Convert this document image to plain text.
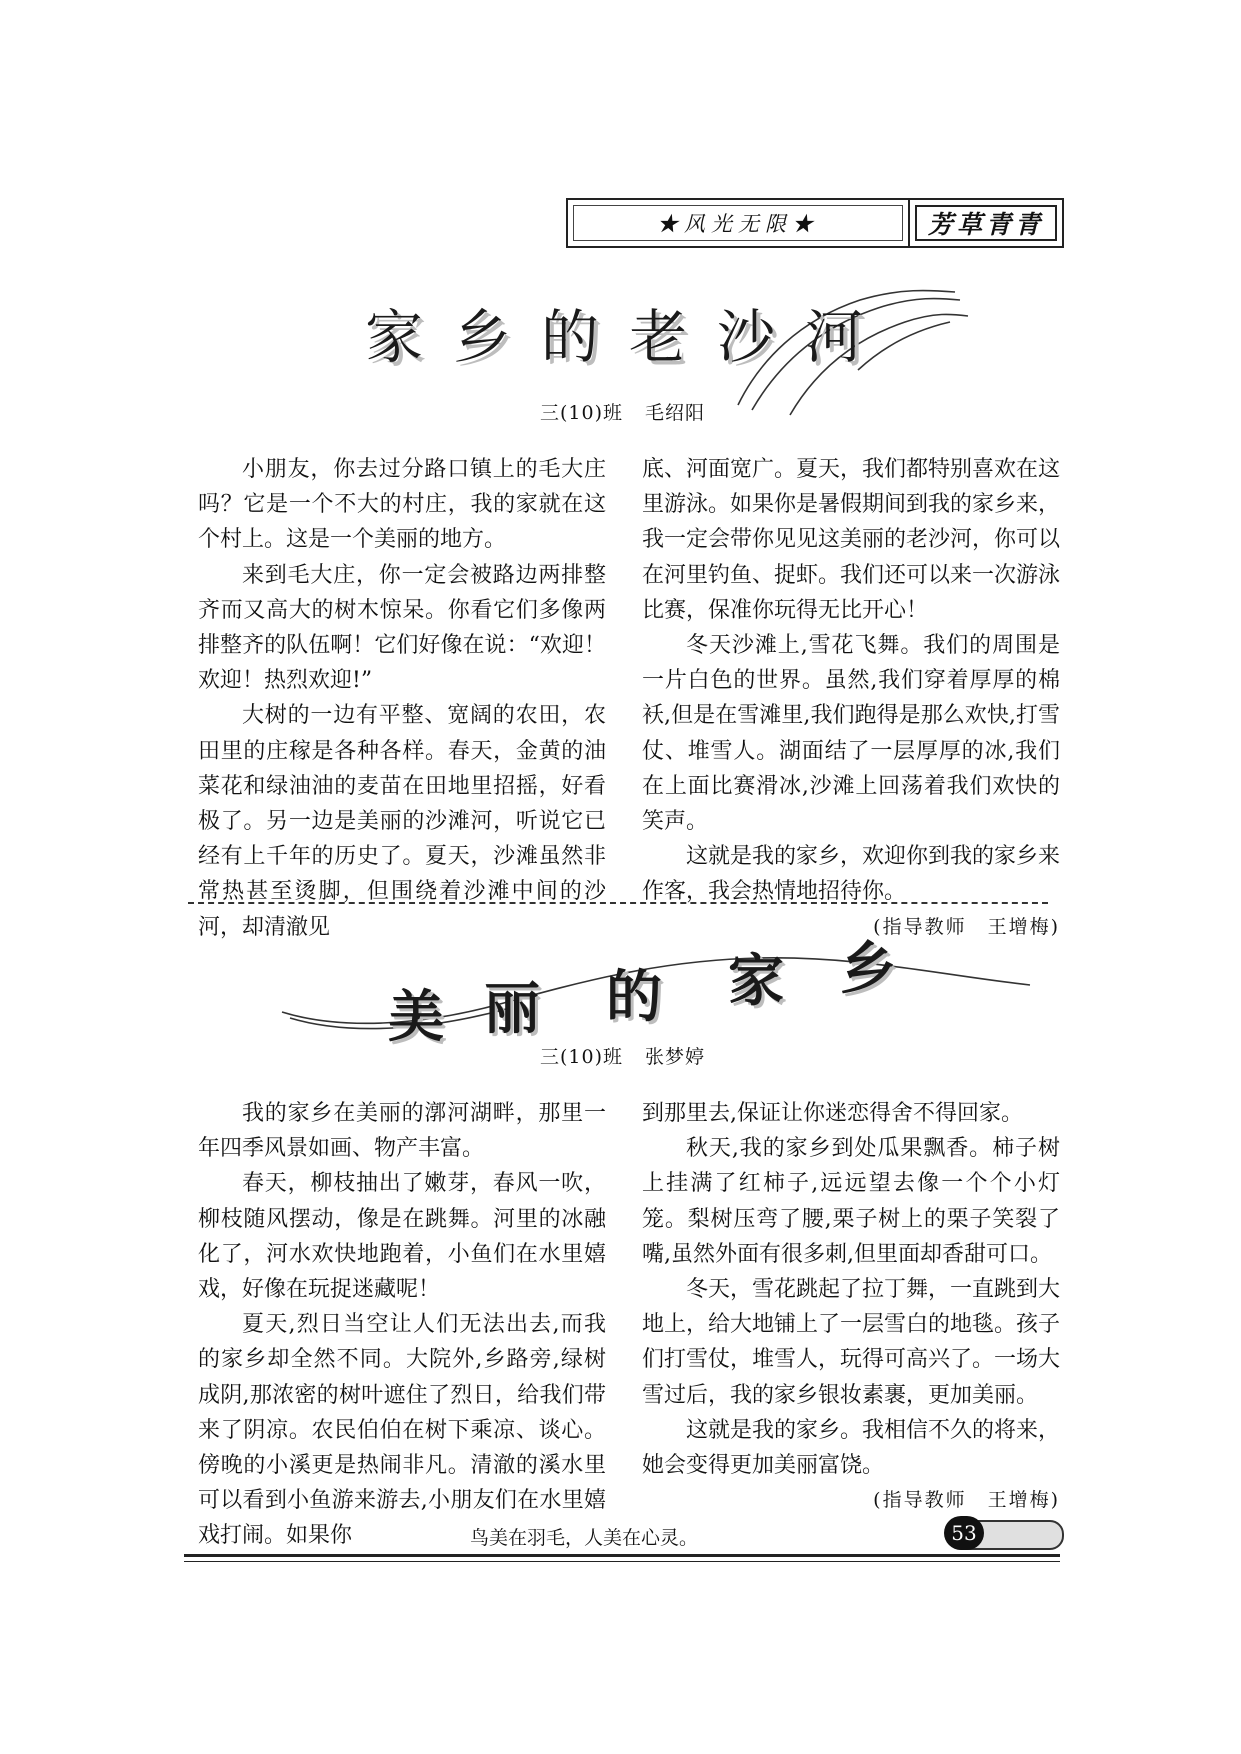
★风光无限★	芳草青青
家乡的老沙河
三(10)班 毛绍阳

小朋友，你去过分路口镇上的毛大庄吗？它是一个不大的村庄，我的家就在这个村上。这是一个美丽的地方。

来到毛大庄，你一定会被路边两排整齐而又高大的树木惊呆。你看它们多像两排整齐的队伍啊！它们好像在说：“欢迎！欢迎！热烈欢迎!”

大树的一边有平整、宽阔的农田，农田里的庄稼是各种各样。春天，金黄的油菜花和绿油油的麦苗在田地里招摇，好看极了。另一边是美丽的沙滩河，听说它已经有上千年的历史了。夏天，沙滩虽然非常热甚至烫脚，但围绕着沙滩中间的沙河，却清澈见

底、河面宽广。夏天，我们都特别喜欢在这里游泳。如果你是暑假期间到我的家乡来，我一定会带你见见这美丽的老沙河，你可以在河里钓鱼、捉虾。我们还可以来一次游泳比赛，保准你玩得无比开心！

冬天沙滩上,雪花飞舞。我们的周围是一片白色的世界。虽然,我们穿着厚厚的棉袄,但是在雪滩里,我们跑得是那么欢快,打雪仗、堆雪人。湖面结了一层厚厚的冰,我们在上面比赛滑冰,沙滩上回荡着我们欢快的笑声。

这就是我的家乡，欢迎你到我的家乡来作客，我会热情地招待你。

(指导教师　王增梅)
美 丽 的 家 乡
三(10)班 张梦婷

我的家乡在美丽的漷河湖畔，那里一年四季风景如画、物产丰富。

春天，柳枝抽出了嫩芽，春风一吹，柳枝随风摆动，像是在跳舞。河里的冰融化了，河水欢快地跑着，小鱼们在水里嬉戏，好像在玩捉迷藏呢！

夏天,烈日当空让人们无法出去,而我的家乡却全然不同。大院外,乡路旁,绿树成阴,那浓密的树叶遮住了烈日，给我们带来了阴凉。农民伯伯在树下乘凉、谈心。傍晚的小溪更是热闹非凡。清澈的溪水里可以看到小鱼游来游去,小朋友们在水里嬉戏打闹。如果你

到那里去,保证让你迷恋得舍不得回家。

秋天,我的家乡到处瓜果飘香。柿子树上挂满了红柿子,远远望去像一个个小灯笼。梨树压弯了腰,栗子树上的栗子笑裂了嘴,虽然外面有很多刺,但里面却香甜可口。

冬天，雪花跳起了拉丁舞，一直跳到大地上，给大地铺上了一层雪白的地毯。孩子们打雪仗，堆雪人，玩得可高兴了。一场大雪过后，我的家乡银妆素裹，更加美丽。

这就是我的家乡。我相信不久的将来，她会变得更加美丽富饶。

(指导教师　王增梅)
鸟美在羽毛，人美在心灵。	53
